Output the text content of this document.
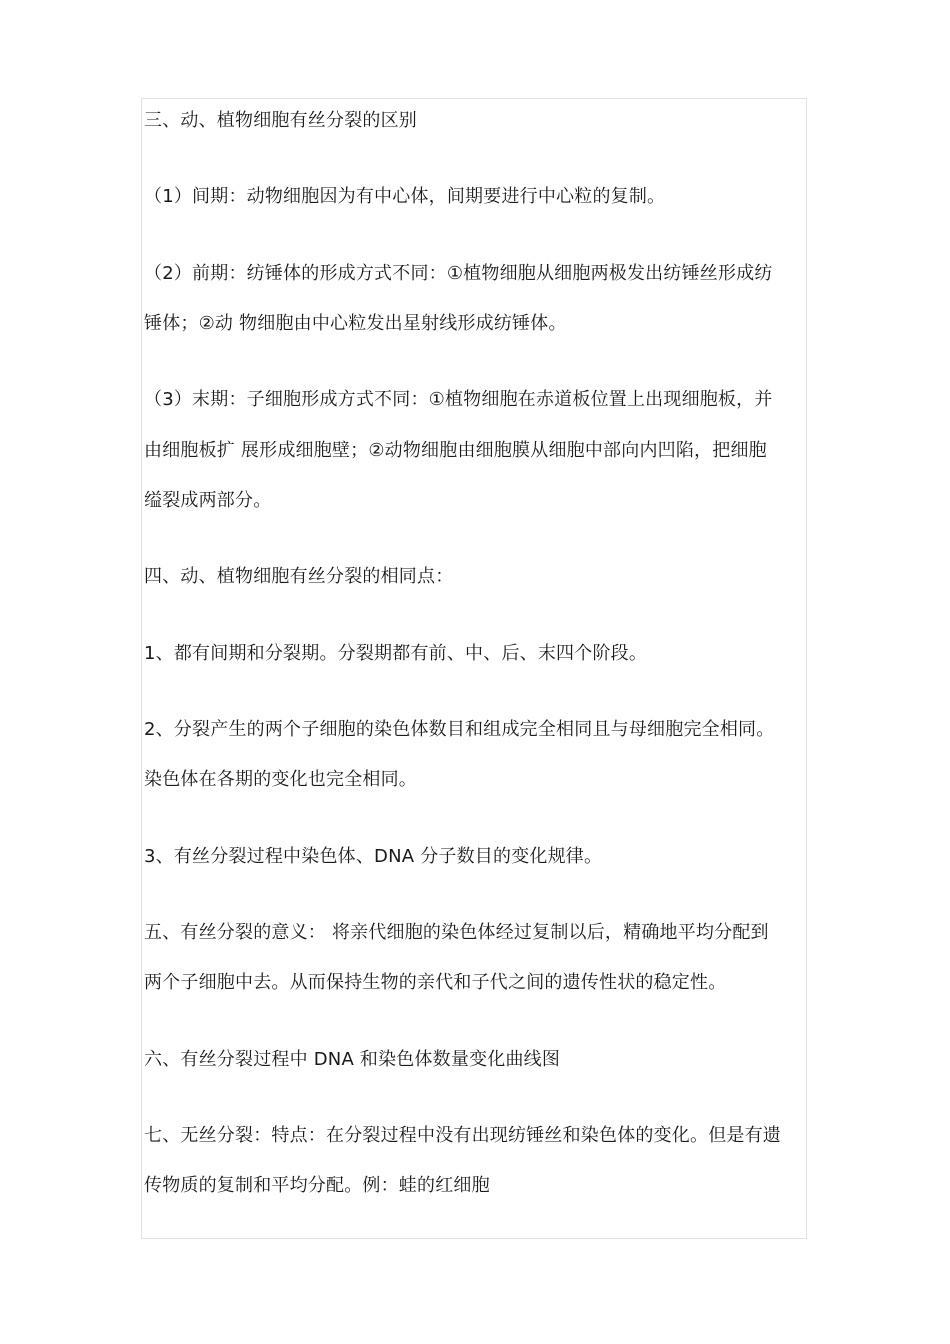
三、动、植物细胞有丝分裂的区别
（1）间期：动物细胞因为有中心体，间期要进行中心粒的复制。
（2）前期：纺锤体的形成方式不同：①植物细胞从细胞两极发出纺锤丝形成纺
锤体；②动 物细胞由中心粒发出星射线形成纺锤体。
（3）末期：子细胞形成方式不同：①植物细胞在赤道板位置上出现细胞板，并
由细胞板扩 展形成细胞壁；②动物细胞由细胞膜从细胞中部向内凹陷，把细胞
缢裂成两部分。
四、动、植物细胞有丝分裂的相同点：
1、都有间期和分裂期。分裂期都有前、中、后、末四个阶段。
2、分裂产生的两个子细胞的染色体数目和组成完全相同且与母细胞完全相同。
染色体在各期的变化也完全相同。
3、有丝分裂过程中染色体、DNA 分子数目的变化规律。
五、有丝分裂的意义： 将亲代细胞的染色体经过复制以后，精确地平均分配到
两个子细胞中去。从而保持生物的亲代和子代之间的遗传性状的稳定性。
六、有丝分裂过程中 DNA 和染色体数量变化曲线图
七、无丝分裂：特点：在分裂过程中没有出现纺锤丝和染色体的变化。但是有遗
传物质的复制和平均分配。例：蛙的红细胞
